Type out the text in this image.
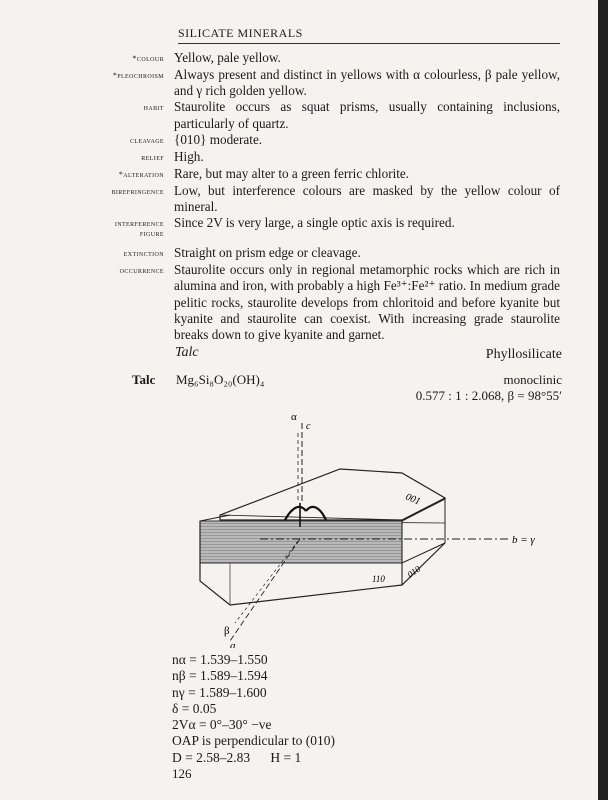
SILICATE MINERALS
*colour Yellow, pale yellow.
*pleochroism Always present and distinct in yellows with α colourless, β pale yellow, and γ rich golden yellow.
habit Staurolite occurs as squat prisms, usually containing inclusions, particularly of quartz.
cleavage {010} moderate.
relief High.
*alteration Rare, but may alter to a green ferric chlorite.
birefringence Low, but interference colours are masked by the yellow colour of mineral.
interference
figure
Since 2V is very large, a single optic axis is required.
extinction Straight on prism edge or cleavage.
occurrence Staurolite occurs only in regional metamorphic rocks which are rich in alumina and iron, with probably a high Fe³⁺:Fe²⁺ ratio. In medium grade pelitic rocks, staurolite develops from chloritoid and before kyanite but kyanite and staurolite can coexist. With increasing grade staurolite breaks down to give kyanite and garnet.
Talc	Phyllosilicate
Talc Mg₆Si₈O₂₀(OH)₄	monoclinic
0.577 : 1 : 2.068, β = 98°55′
α
c
001
010
110
b = γ
β
a
nα = 1.539–1.550
nβ = 1.589–1.594
nγ = 1.589–1.600
δ = 0.05
2Vα = 0°–30° −ve
OAP is perpendicular to (010)
D = 2.58–2.83      H = 1
126
